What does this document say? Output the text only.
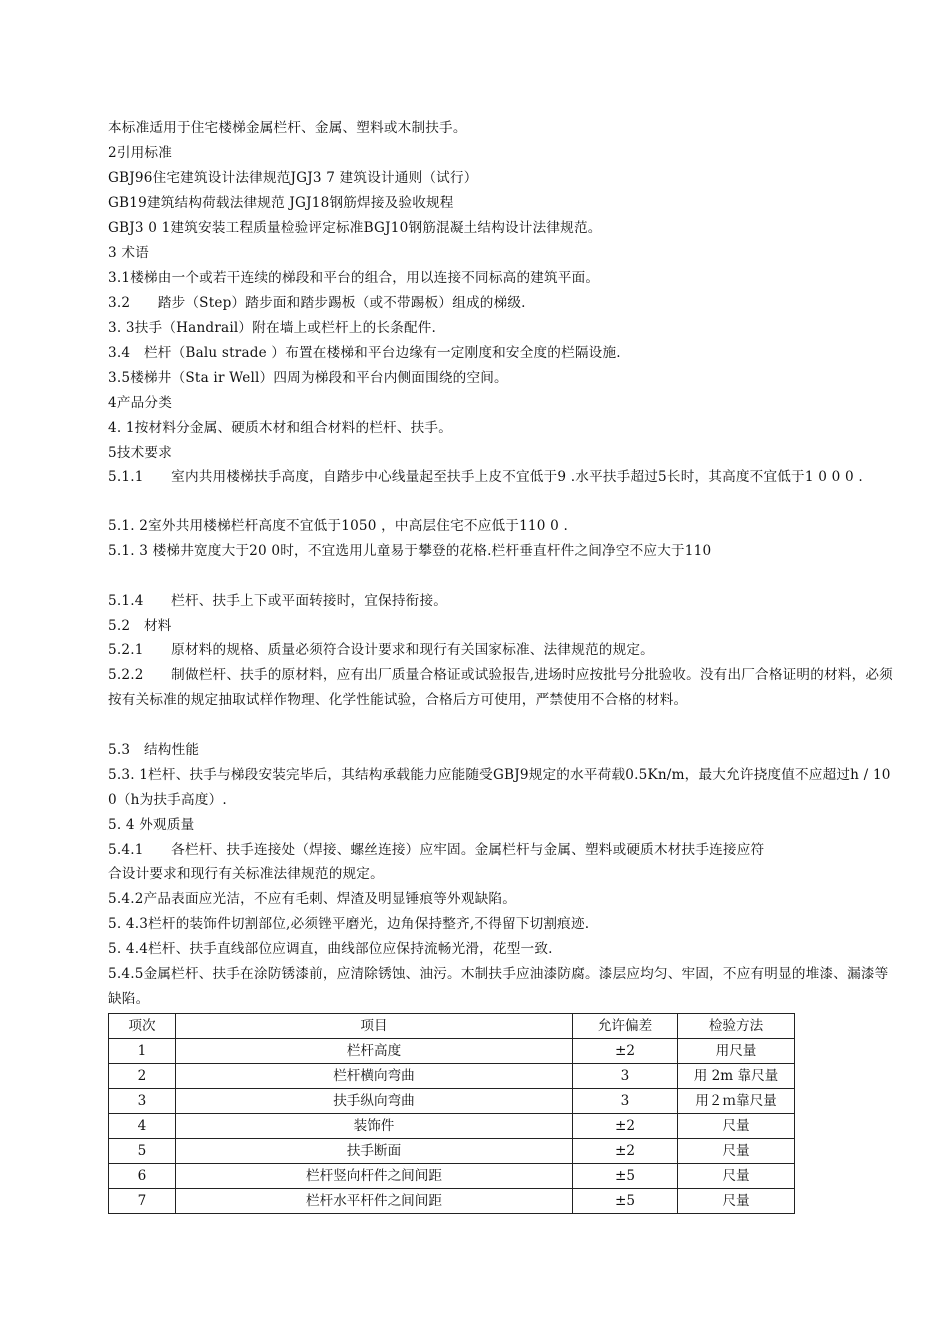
本标准适用于住宅楼梯金属栏杆、金属、塑料或木制扶手。
2引用标准
GBJ96住宅建筑设计法律规范JGJ3 7 建筑设计通则（试行）
GB19建筑结构荷载法律规范 JGJ18钢筋焊接及验收规程
GBJ3 0 1建筑安装工程质量检验评定标准BGJ10钢筋混凝土结构设计法律规范。
3 术语
3.1楼梯由一个或若干连续的梯段和平台的组合，用以连接不同标高的建筑平面。
3.2　　踏步（Step）踏步面和踏步踢板（或不带踢板）组成的梯级.
3. 3扶手（Handrail）附在墙上或栏杆上的长条配件.
3.4　栏杆（Balu strade ）布置在楼梯和平台边缘有一定刚度和安全度的栏隔设施.
3.5楼梯井（Sta ir Well）四周为梯段和平台内侧面围绕的空间。
4产品分类
4. 1按材料分金属、硬质木材和组合材料的栏杆、扶手。
5技术要求
5.1.1　　室内共用楼梯扶手高度，自踏步中心线量起至扶手上皮不宜低于9 .水平扶手超过5长时，其高度不宜低于1 0 0 0 .
5.1. 2室外共用楼梯栏杆高度不宜低于1050 ，中高层住宅不应低于110 0 .
5.1. 3 楼梯井宽度大于20 0时，不宜选用儿童易于攀登的花格.栏杆垂直杆件之间净空不应大于110
5.1.4　　栏杆、扶手上下或平面转接时，宜保持衔接。
5.2　材料
5.2.1　　原材料的规格、质量必须符合设计要求和现行有关国家标准、法律规范的规定。
5.2.2　　制做栏杆、扶手的原材料，应有出厂质量合格证或试验报告,进场时应按批号分批验收。没有出厂合格证明的材料，必须按有关标准的规定抽取试样作物理、化学性能试验，合格后方可使用，严禁使用不合格的材料。
5.3　结构性能
5.3. 1栏杆、扶手与梯段安装完毕后，其结构承载能力应能随受GBJ9规定的水平荷载0.5Kn/m，最大允许挠度值不应超过h / 10 0（h为扶手高度）.
5. 4 外观质量
5.4.1　　各栏杆、扶手连接处（焊接、螺丝连接）应牢固。金属栏杆与金属、塑料或硬质木材扶手连接应符
合设计要求和现行有关标准法律规范的规定。
5.4.2产品表面应光洁，不应有毛刺、焊渣及明显锤痕等外观缺陷。
5. 4.3栏杆的装饰件切割部位,必须锉平磨光，边角保持整齐,不得留下切割痕迹.
5. 4.4栏杆、扶手直线部位应调直，曲线部位应保持流畅光滑，花型一致.
5.4.5金属栏杆、扶手在涂防锈漆前，应清除锈蚀、油污。木制扶手应油漆防腐。漆层应均匀、牢固，不应有明显的堆漆、漏漆等缺陷。
项次	项目	允许偏差	检验方法
1	栏杆高度	±2	用尺量
2	栏杆横向弯曲	3	用 2m 靠尺量
3	扶手纵向弯曲	3	用２ｍ靠尺量
4	装饰件	±2	尺量
5	扶手断面	±2	尺量
6	栏杆竖向杆件之间间距	±5	尺量
7	栏杆水平杆件之间间距	±5	尺量
